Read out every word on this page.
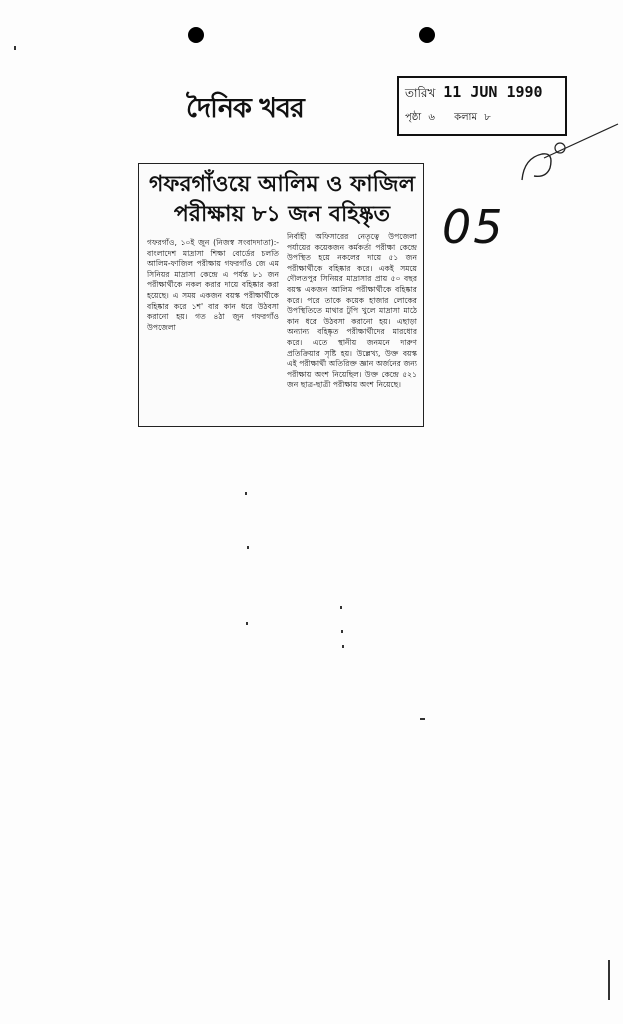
দৈনিক খবর	তারিখ 11 JUN 1990
পৃষ্ঠা ৬ কলাম ৮
05
গফরগাঁওয়ে আলিম ও ফাজিল
পরীক্ষায় ৮১ জন বহিষ্কৃত
গফরগাঁও, ১০ই জুন (নিজস্ব সংবাদদাতা):- বাংলাদেশ মাদ্রাসা শিক্ষা বোর্ডের চলতি আলিম-ফাজিল পরীক্ষায় গফরগাঁও জে এম সিনিয়র মাদ্রাসা কেন্দ্রে এ পর্যন্ত ৮১ জন পরীক্ষার্থীকে নকল করার দায়ে বহিষ্কার করা হয়েছে। এ সময় একজন বয়স্ক পরীক্ষার্থীকে বহিষ্কার করে ১শ' বার কান ধরে উঠবসা করানো হয়। গত ৪ঠা জুন গফরগাঁও উপজেলা
নির্বাহী অফিসারের নেতৃত্বে উপজেলা পর্যায়ের কয়েকজন কর্মকর্তা পরীক্ষা কেন্দ্রে উপস্থিত হয়ে নকলের দায়ে ৫১ জন পরীক্ষার্থীকে বহিষ্কার করে। একই সময়ে দৌলতপুর সিনিয়র মাদ্রাসার প্রায় ৫০ বছর বয়স্ক একজন আলিম পরীক্ষার্থীকে বহিষ্কার করে। পরে তাকে কয়েক হাজার লোকের উপস্থিতিতে মাথার টুপি খুলে মাদ্রাসা মাঠে কান ধরে উঠবসা করানো হয়। এছাড়া অন্যান্য বহিষ্কৃত পরীক্ষার্থীদের মারধোর করে। এতে স্থানীয় জনমনে দারুণ প্রতিক্রিয়ার সৃষ্টি হয়। উল্লেখ্য, উক্ত বয়স্ক এই পরীক্ষার্থী অতিরিক্ত জ্ঞান অর্জনের জন্য পরীক্ষায় অংশ নিয়েছিল। উক্ত কেন্দ্রে ৫২১ জন ছাত্র-ছাত্রী পরীক্ষায় অংশ নিয়েছে।
